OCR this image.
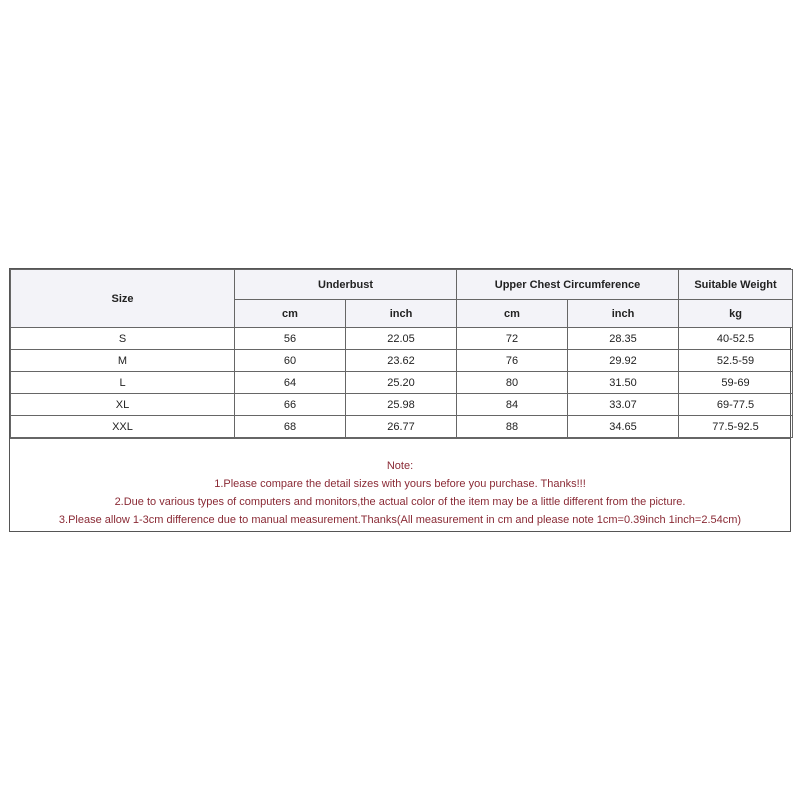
Size	Underbust		Upper Chest Circumference		Suitable Weight
	cm	inch	cm	inch	kg
S	56	22.05	72	28.35	40-52.5
M	60	23.62	76	29.92	52.5-59
L	64	25.20	80	31.50	59-69
XL	66	25.98	84	33.07	69-77.5
XXL	68	26.77	88	34.65	77.5-92.5
Note:
1.Please compare the detail sizes with yours before you purchase. Thanks!!!
2.Due to various types of computers and monitors,the actual color of the item may be a little different from the picture.
3.Please allow 1-3cm difference due to manual measurement.Thanks(All measurement in cm and please note 1cm=0.39inch 1inch=2.54cm)
